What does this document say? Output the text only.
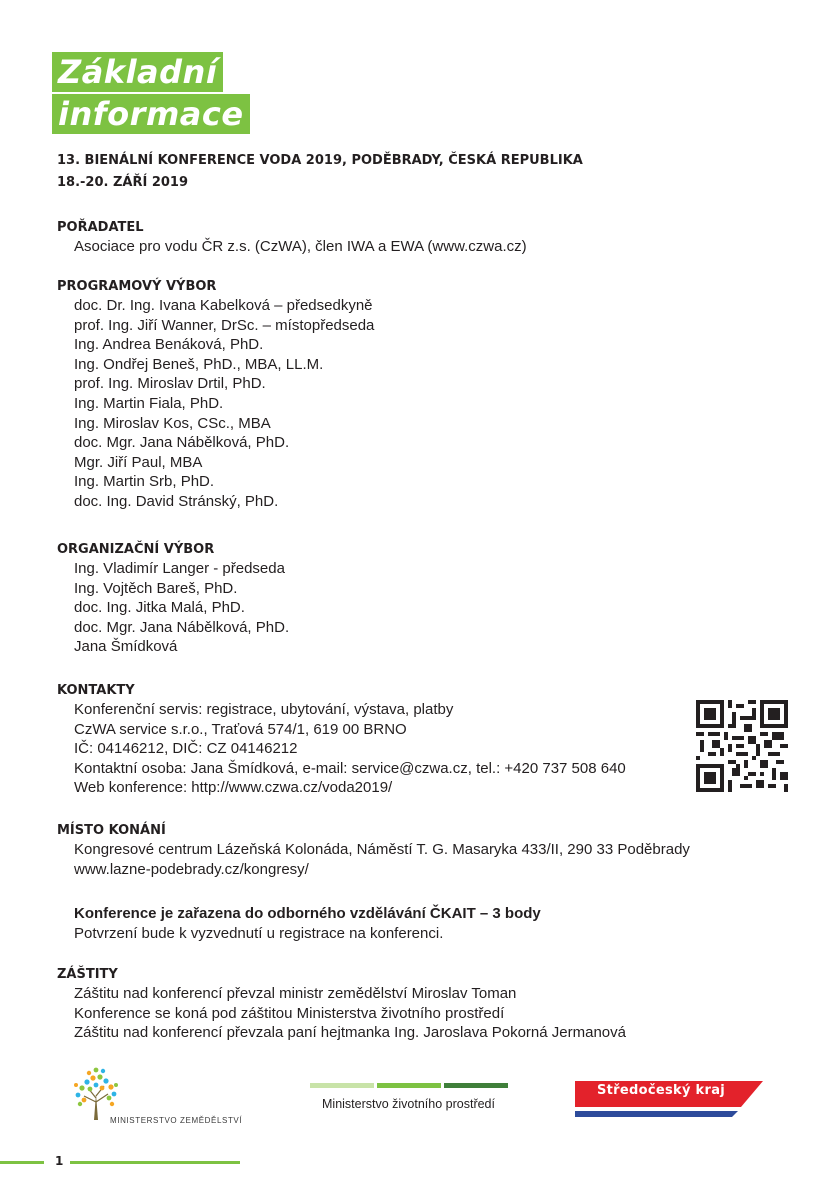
Základní
informace
13. BIENÁLNÍ KONFERENCE VODA 2019, PODĚBRADY, ČESKÁ REPUBLIKA
18.-20. ZÁŘÍ 2019
POŘADATEL
Asociace pro vodu ČR z.s. (CzWA), člen IWA a EWA (www.czwa.cz)
PROGRAMOVÝ VÝBOR
doc. Dr. Ing. Ivana Kabelková – předsedkyně
prof. Ing. Jiří Wanner, DrSc. – místopředseda
Ing. Andrea Benáková, PhD.
Ing. Ondřej Beneš, PhD., MBA, LL.M.
prof. Ing. Miroslav Drtil, PhD.
Ing. Martin Fiala, PhD.
Ing. Miroslav Kos, CSc., MBA
doc. Mgr. Jana Nábělková, PhD.
Mgr. Jiří Paul, MBA
Ing. Martin Srb, PhD.
doc. Ing. David Stránský, PhD.
ORGANIZAČNÍ VÝBOR
Ing. Vladimír Langer - předseda
Ing. Vojtěch Bareš, PhD.
doc. Ing. Jitka Malá, PhD.
doc. Mgr. Jana Nábělková, PhD.
Jana Šmídková
KONTAKTY
Konferenční servis: registrace, ubytování, výstava, platby
CzWA service s.r.o., Traťová 574/1, 619 00 BRNO
IČ: 04146212, DIČ: CZ 04146212
Kontaktní osoba: Jana Šmídková, e-mail: service@czwa.cz, tel.: +420 737 508 640
Web konference: http://www.czwa.cz/voda2019/
MÍSTO KONÁNÍ
Kongresové centrum Lázeňská Kolonáda, Náměstí T. G. Masaryka 433/II, 290 33 Poděbrady
www.lazne-podebrady.cz/kongresy/
Konference je zařazena do odborného vzdělávání ČKAIT – 3 body
Potvrzení bude k vyzvednutí u registrace na konferenci.
ZÁŠTITY
Záštitu nad konferencí převzal ministr zemědělství Miroslav Toman
Konference se koná pod záštitou Ministerstva životního prostředí
Záštitu nad konferencí převzala paní hejtmanka Ing. Jaroslava Pokorná Jermanová
MINISTERSTVO ZEMĚDĚLSTVÍ
Ministerstvo životního prostředí
Středočeský kraj
1
